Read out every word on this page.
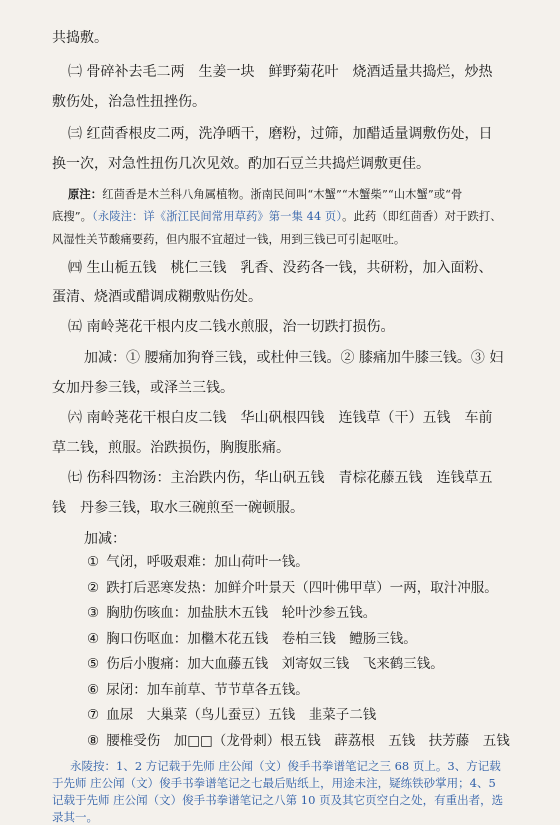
共捣敷。
㈡ 骨碎补去毛二两　生姜一块　鲜野菊花叶　烧酒适量共捣烂，炒热
敷伤处，治急性扭挫伤。
㈢ 红茴香根皮二两，洗净晒干，磨粉，过筛，加醋适量调敷伤处，日
换一次，对急性扭伤几次见效。酌加石豆兰共捣烂调敷更佳。
原注：红茴香是木兰科八角属植物。浙南民间叫“木蟹”“木蟹柴”“山木蟹”或“骨
底搜”。（永陵注：详《浙江民间常用草药》第一集 44 页）。此药（即红茴香）对于跌打、
风湿性关节酸痛要药，但内服不宜超过一钱，用到三钱已可引起呕吐。
㈣ 生山栀五钱　桃仁三钱　乳香、没药各一钱，共研粉，加入面粉、
蛋清、烧酒或醋调成糊敷贴伤处。
㈤ 南岭荛花干根内皮二钱水煎服，治一切跌打损伤。
加减：① 腰痛加狗脊三钱，或杜仲三钱。② 膝痛加牛膝三钱。③ 妇
女加丹参三钱，或泽兰三钱。
㈥ 南岭荛花干根白皮二钱　华山矾根四钱　连钱草（干）五钱　车前
草二钱，煎服。治跌损伤，胸腹胀痛。
㈦ 伤科四物汤：主治跌内伤，华山矾五钱　青棕花藤五钱　连钱草五
钱　丹参三钱，取水三碗煎至一碗顿服。
加减：
① 气闭，呼吸艰难：加山荷叶一钱。
② 跌打后恶寒发热：加鲜介叶景天（四叶佛甲草）一两，取汁冲服。
③ 胸肋伤咳血：加盐肤木五钱　轮叶沙参五钱。
④ 胸口伤呕血：加檵木花五钱　卷柏三钱　鳢肠三钱。
⑤ 伤后小腹痛：加大血藤五钱　刘寄奴三钱　飞来鹤三钱。
⑥ 尿闭：加车前草、节节草各五钱。
⑦ 血尿　大巢菜（鸟儿蚕豆）五钱　韭菜子二钱
⑧ 腰椎受伤　加□□（龙骨刺）根五钱　薜荔根　五钱　扶芳藤　五钱
永陵按：1、2 方记载于先师 庄公闻（文）俊手书拳谱笔记之三 68 页上。3、方记载
于先师 庄公闻（文）俊手书拳谱笔记之七最后贴纸上，用途未注，疑练铁砂掌用；4、5
记载于先师 庄公闻（文）俊手书拳谱笔记之八第 10 页及其它页空白之处，有重出者，选
录其一。
